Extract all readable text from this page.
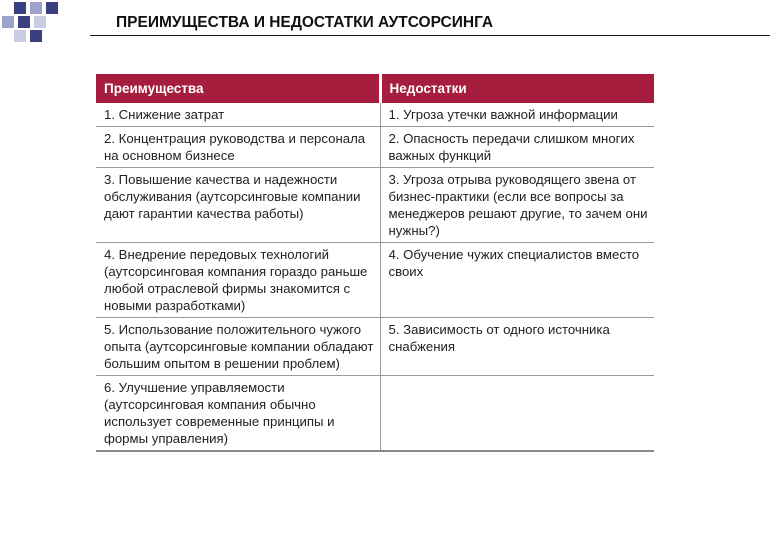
ПРЕИМУЩЕСТВА И НЕДОСТАТКИ АУТСОРСИНГА
Преимущества	Недостатки
1. Снижение затрат	1. Угроза утечки важной информации
2. Концентрация руководства и персонала на основном бизнесе	2. Опасность передачи слишком многих важных функций
3. Повышение качества и надежности обслуживания (аутсорсинговые компании дают гарантии качества работы)	3. Угроза отрыва руководящего звена от бизнес-практики (если все вопросы за менеджеров решают другие, то зачем они нужны?)
4. Внедрение передовых технологий (аутсорсинговая компания гораздо раньше любой отраслевой фирмы знакомится с новыми разработками)	4. Обучение чужих специалистов вместо своих
5. Использование положительного чужого опыта (аутсорсинговые компании обладают большим опытом в решении проблем)	5. Зависимость от одного источника снабжения
6. Улучшение управляемости (аутсорсинговая компания обычно использует современные принципы и формы управления)	
